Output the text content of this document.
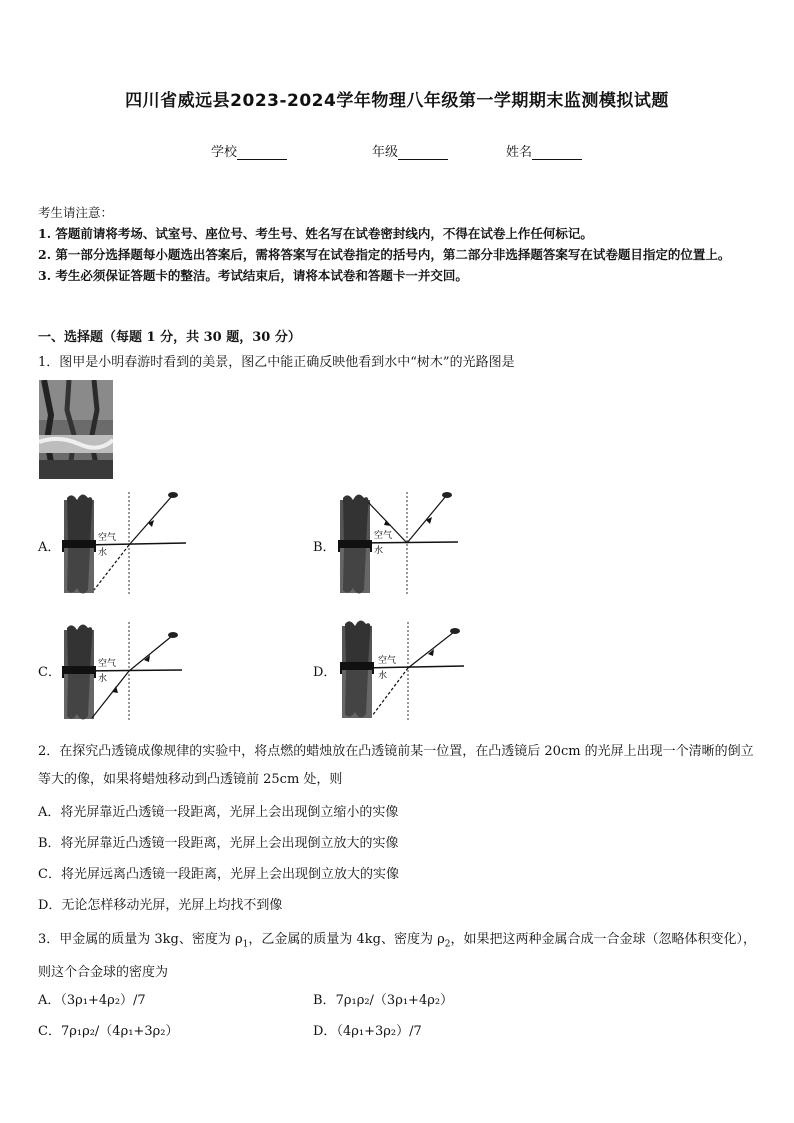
四川省威远县2023-2024学年物理八年级第一学期期末监测模拟试题
学校	年级	姓名
考生请注意：
1. 答题前请将考场、试室号、座位号、考生号、姓名写在试卷密封线内，不得在试卷上作任何标记。
2. 第一部分选择题每小题选出答案后，需将答案写在试卷指定的括号内，第二部分非选择题答案写在试卷题目指定的位置上。
3. 考生必须保证答题卡的整洁。考试结束后，请将本试卷和答题卡一并交回。
一、选择题（每题 1 分，共 30 题，30 分）
1．图甲是小明春游时看到的美景，图乙中能正确反映他看到水中“树木”的光路图是
A．	B．
C．	D．
空气
水
空气
水
空气
水
空气
水
2．在探究凸透镜成像规律的实验中，将点燃的蜡烛放在凸透镜前某一位置，在凸透镜后 20cm 的光屏上出现一个清晰的倒立等大的像，如果将蜡烛移动到凸透镜前 25cm 处，则
A．将光屏靠近凸透镜一段距离，光屏上会出现倒立缩小的实像
B．将光屏靠近凸透镜一段距离，光屏上会出现倒立放大的实像
C．将光屏远离凸透镜一段距离，光屏上会出现倒立放大的实像
D．无论怎样移动光屏，光屏上均找不到像
3．甲金属的质量为 3kg、密度为 $\rho_1$，乙金属的质量为 4kg、密度为 $\rho_2$，如果把这两种金属合成一合金球（忽略体积变化），则这个合金球的密度为
A．（3ρ₁+4ρ₂）/7	B．7ρ₁ρ₂/（3ρ₁+4ρ₂）
C．7ρ₁ρ₂/（4ρ₁+3ρ₂）	D．（4ρ₁+3ρ₂）/7
